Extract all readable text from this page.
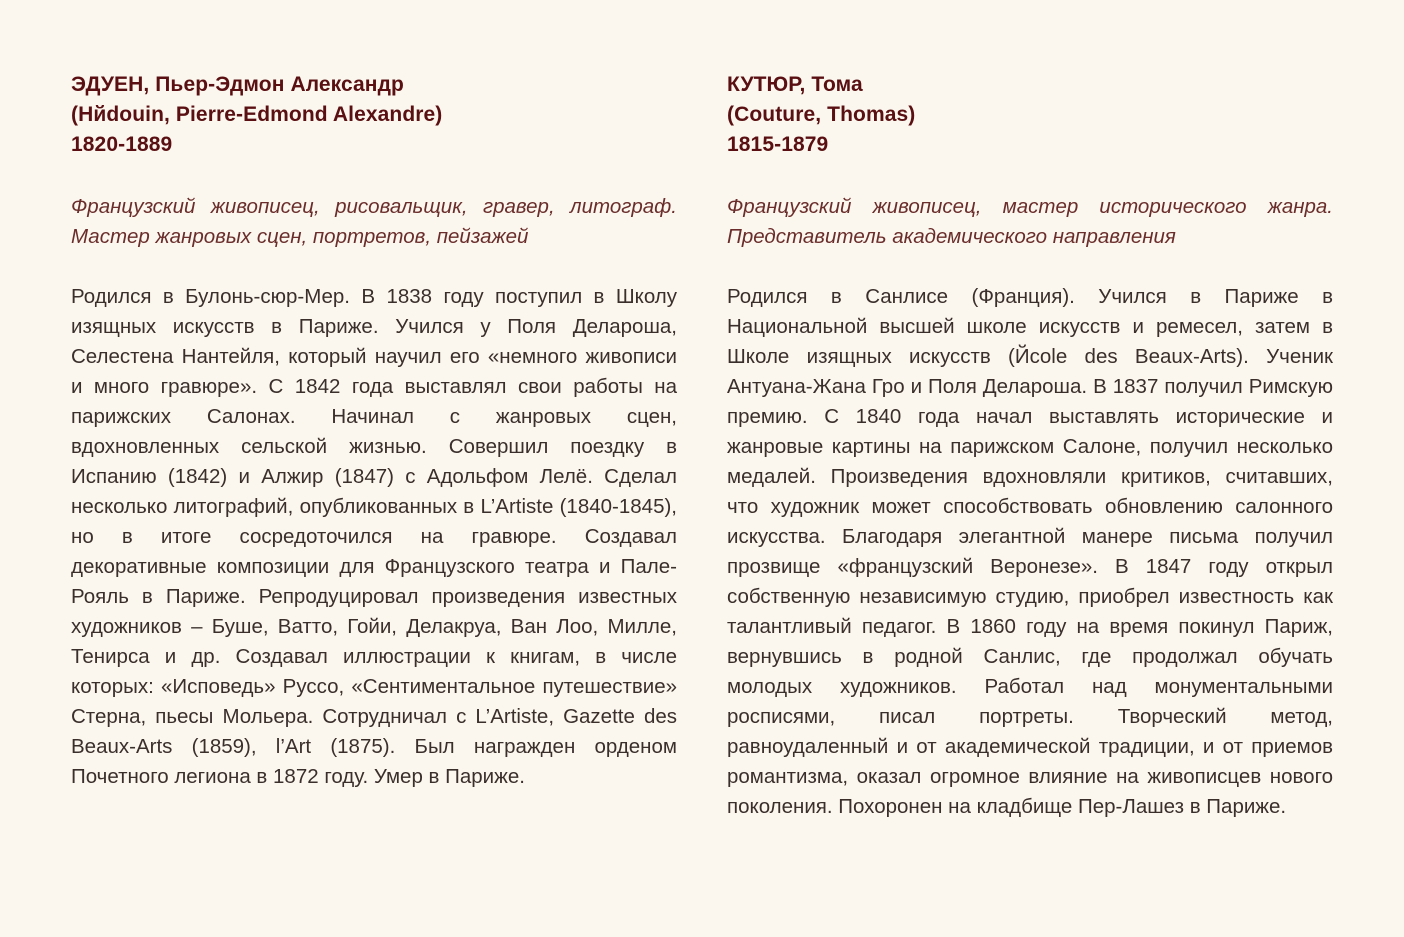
ЭДУЕН, Пьер-Эдмон Александр
(Hйdouin, Pierre-Edmond Alexandre)
1820-1889
Французский живописец, рисовальщик, гравер, литограф. Мастер жанровых сцен, портретов, пейзажей
Родился в Булонь-сюр-Мер. В 1838 году поступил в Школу изящных искусств в Париже. Учился у Поля Делароша, Селестена Нантейля, который научил его «немного живописи и много гравюре». С 1842 года выставлял свои работы на парижских Салонах. Начинал с жанровых сцен, вдохновленных сельской жизнью. Совершил поездку в Испанию (1842) и Алжир (1847) с Адольфом Лелё. Сделал несколько литографий, опубликованных в L’Artiste (1840-1845), но в итоге сосредоточился на гравюре. Создавал декоративные композиции для Французского театра и Пале-Рояль в Париже. Репродуцировал произведения известных художников – Буше, Ватто, Гойи, Делакруа, Ван Лоо, Милле, Тенирса и др. Создавал иллюстрации к книгам, в числе которых: «Исповедь» Руссо, «Сентиментальное путешествие» Стерна, пьесы Мольера. Сотрудничал с L’Artiste, Gazette des Beaux-Arts (1859), l’Art (1875). Был награжден орденом Почетного легиона в 1872 году. Умер в Париже.
КУТЮР, Тома
(Couture, Thomas)
1815-1879
Французский живописец, мастер исторического жанра. Представитель академического направления
Родился в Санлисе (Франция). Учился в Париже в Национальной высшей школе искусств и ремесел, затем в Школе изящных искусств (Йcole des Beaux-Arts). Ученик Антуана-Жана Гро и Поля Делароша. В 1837 получил Римскую премию. С 1840 года начал выставлять исторические и жанровые картины на парижском Салоне, получил несколько медалей. Произведения вдохновляли критиков, считавших, что художник может способствовать обновлению салонного искусства. Благодаря элегантной манере письма получил прозвище «французский Веронезе». В 1847 году открыл собственную независимую студию, приобрел известность как талантливый педагог. В 1860 году на время покинул Париж, вернувшись в родной Санлис, где продолжал обучать молодых художников. Работал над монументальными росписями, писал портреты. Творческий метод, равноудаленный и от академической традиции, и от приемов романтизма, оказал огромное влияние на живописцев нового поколения. Похоронен на кладбище Пер-Лашез в Париже.
